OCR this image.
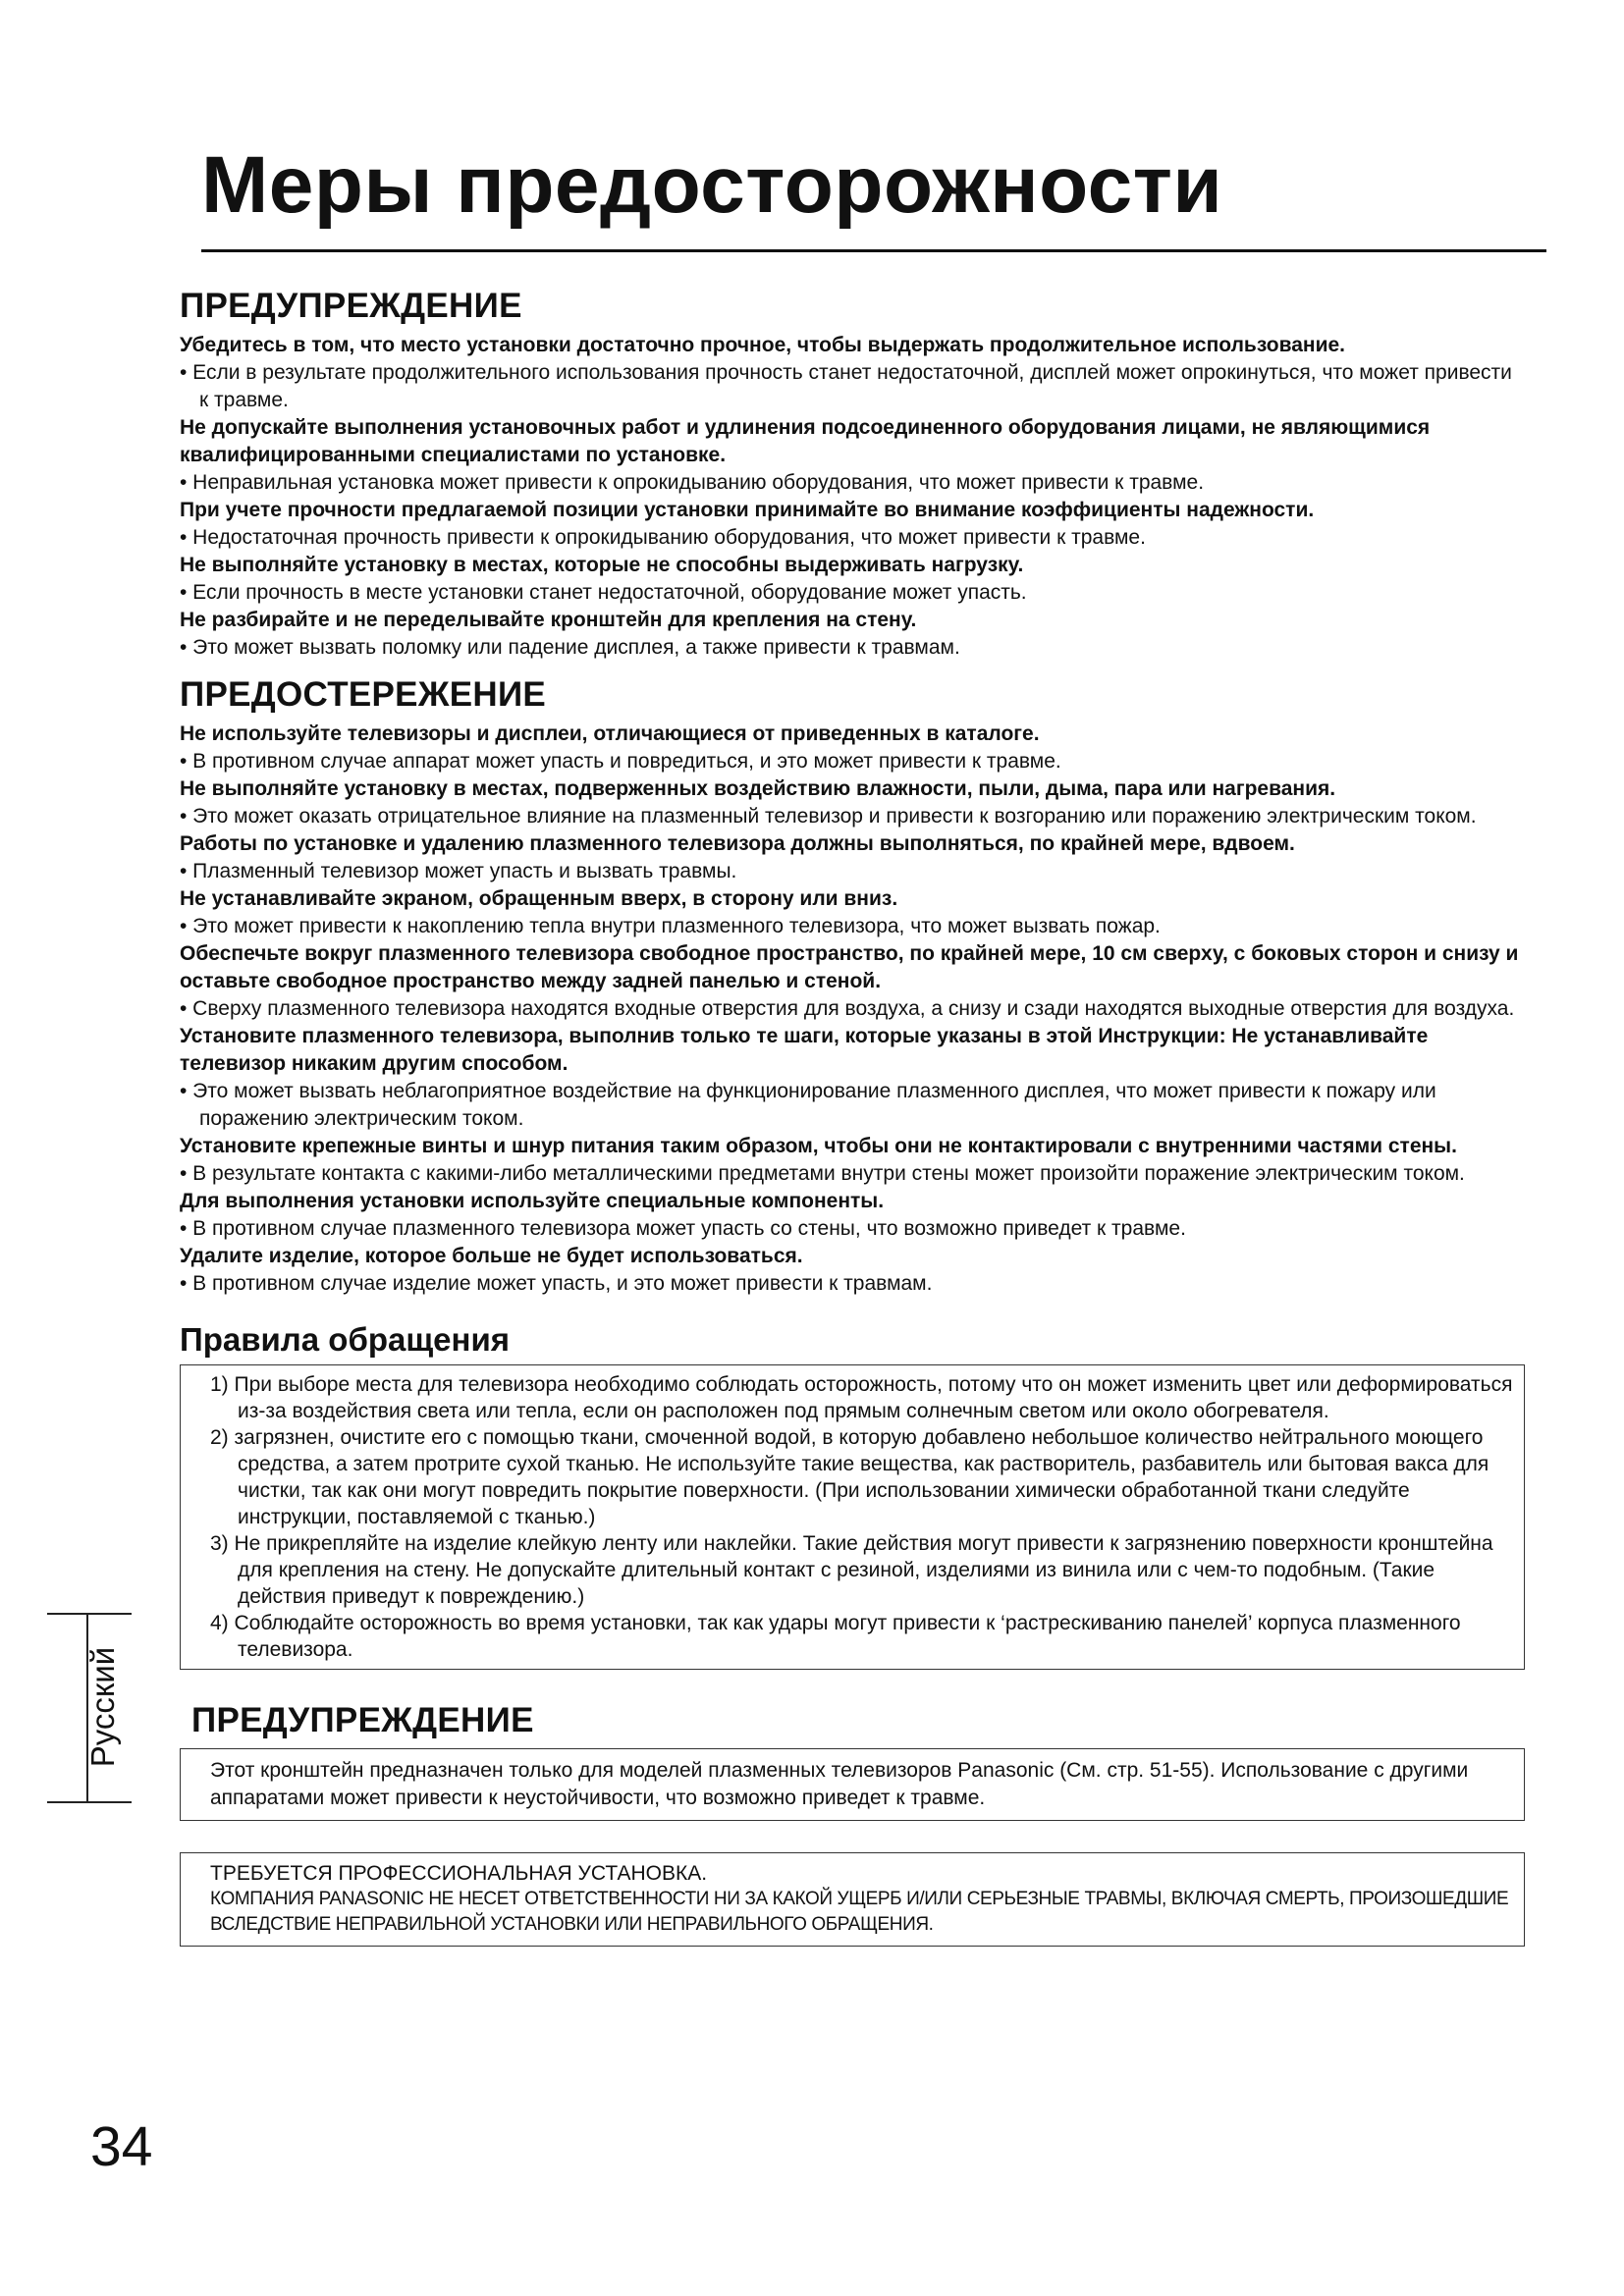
Меры предосторожности
ПРЕДУПРЕЖДЕНИЕ

Убедитесь в том, что место установки достаточно прочное, чтобы выдержать продолжительное использование.

• Если в результате продолжительного использования прочность станет недостаточной, дисплей может опрокинуться, что может привести к травме.

Не допускайте выполнения установочных работ и удлинения подсоединенного оборудования лицами, не являющимися квалифицированными специалистами по установке.

• Неправильная установка может привести к опрокидыванию оборудования, что может привести к травме.

При учете прочности предлагаемой позиции установки принимайте во внимание коэффициенты надежности.

• Недостаточная прочность привести к опрокидыванию оборудования, что может привести к травме.

Не выполняйте установку в местах, которые не способны выдерживать нагрузку.

• Если прочность в месте установки станет недостаточной, оборудование может упасть.

Не разбирайте и не переделывайте кронштейн для крепления на стену.

• Это может вызвать поломку или падение дисплея, а также привести к травмам.

ПРЕДОСТЕРЕЖЕНИЕ

Не используйте телевизоры и дисплеи, отличающиеся от приведенных в каталоге.

• В противном случае аппарат может упасть и повредиться, и это может привести к травме.

Не выполняйте установку в местах, подверженных воздействию влажности, пыли, дыма, пара или нагревания.

• Это может оказать отрицательное влияние на плазменный телевизор и привести к возгоранию или поражению электрическим током.

Работы по установке и удалению плазменного телевизора должны выполняться, по крайней мере, вдвоем.

• Плазменный телевизор может упасть и вызвать травмы.

Не устанавливайте экраном, обращенным вверх, в сторону или вниз.

• Это может привести к накоплению тепла внутри плазменного телевизора, что может вызвать пожар.

Обеспечьте вокруг плазменного телевизора свободное пространство, по крайней мере, 10 см сверху, с боковых сторон и снизу и оставьте свободное пространство между задней панелью и стеной.

• Сверху плазменного телевизора находятся входные отверстия для воздуха, а снизу и сзади находятся выходные отверстия для воздуха.

Установите плазменного телевизора, выполнив только те шаги, которые указаны в этой Инструкции: Не устанавливайте телевизор никаким другим способом.

• Это может вызвать неблагоприятное воздействие на функционирование плазменного дисплея, что может привести к пожару или поражению электрическим током.

Установите крепежные винты и шнур питания таким образом, чтобы они не контактировали с внутренними частями стены.

• В результате контакта с какими-либо металлическими предметами внутри стены может произойти поражение электрическим током.

Для выполнения установки используйте специальные компоненты.

• В противном случае плазменного телевизора может упасть со стены, что возможно приведет к травме.

Удалите изделие, которое больше не будет использоваться.

• В противном случае изделие может упасть, и это может привести к травмам.

Правила обращения

1) При выборе места для телевизора необходимо соблюдать осторожность, потому что он может изменить цвет или деформироваться из-за воздействия света или тепла, если он расположен под прямым солнечным светом или около обогревателя.

2) загрязнен, очистите его с помощью ткани, смоченной водой, в которую добавлено небольшое количество нейтрального моющего средства, а затем протрите сухой тканью. Не используйте такие вещества, как растворитель, разбавитель или бытовая вакса для чистки, так как они могут повредить покрытие поверхности. (При использовании химически обработанной ткани следуйте инструкции, поставляемой с тканью.)

3) Не прикрепляйте на изделие клейкую ленту или наклейки. Такие действия могут привести к загрязнению поверхности кронштейна для крепления на стену. Не допускайте длительный контакт с резиной, изделиями из винила или с чем-то подобным. (Такие действия приведут к повреждению.)

4) Соблюдайте осторожность во время установки, так как удары могут привести к ‘растрескиванию панелей’ корпуса плазменного телевизора.

ПРЕДУПРЕЖДЕНИЕ
Этот кронштейн предназначен только для моделей плазменных телевизоров Panasonic (См. стр. 51-55). Использование с другими аппаратами может привести к неустойчивости, что возможно приведет к травме.

ТРЕБУЕТСЯ ПРОФЕССИОНАЛЬНАЯ УСТАНОВКА.

КОМПАНИЯ PANASONIC НЕ НЕСЕТ ОТВЕТСТВЕННОСТИ НИ ЗА КАКОЙ УЩЕРБ И/ИЛИ СЕРЬЕЗНЫЕ ТРАВМЫ, ВКЛЮЧАЯ СМЕРТЬ, ПРОИЗОШЕДШИЕ ВСЛЕДСТВИЕ НЕПРАВИЛЬНОЙ УСТАНОВКИ ИЛИ НЕПРАВИЛЬНОГО ОБРАЩЕНИЯ.

Русский
34
